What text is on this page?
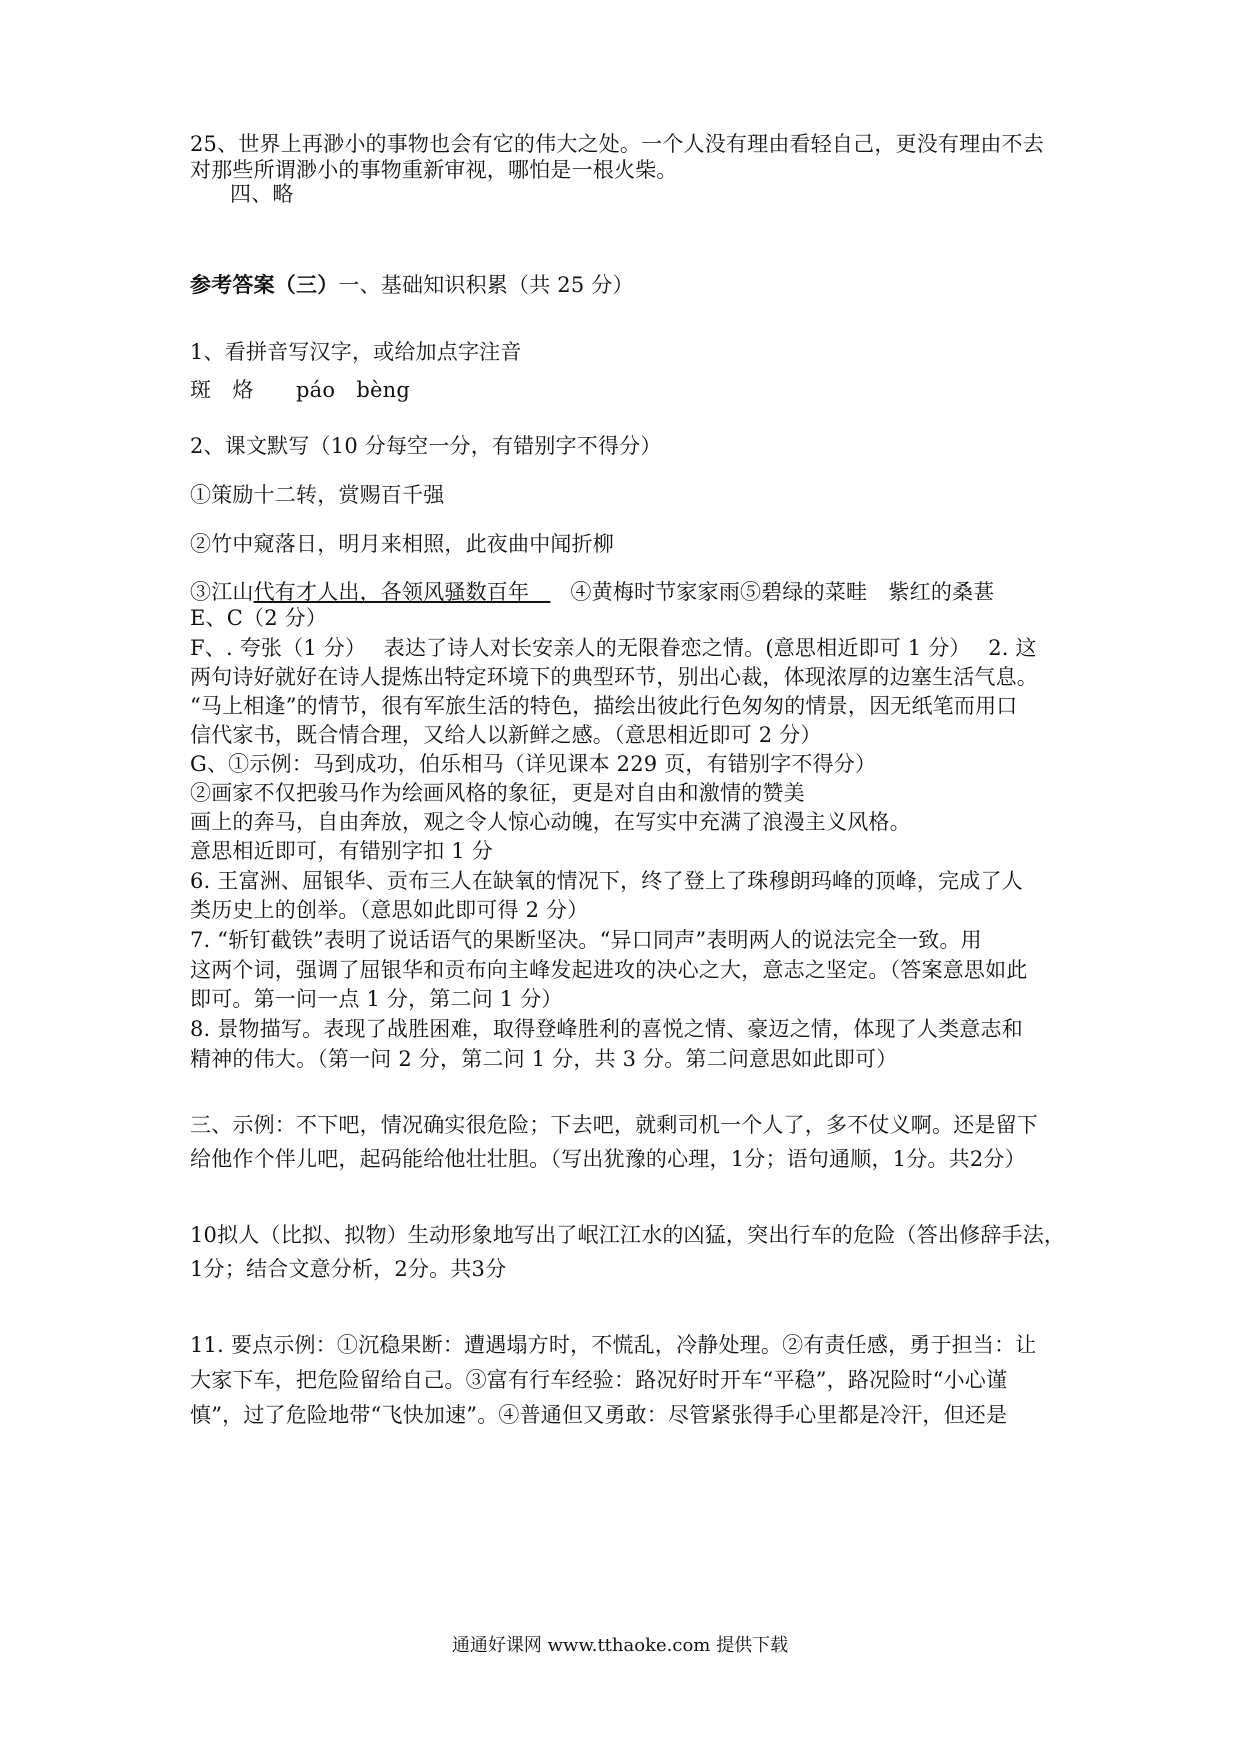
25、世界上再渺小的事物也会有它的伟大之处。一个人没有理由看轻自己，更没有理由不去
对那些所谓渺小的事物重新审视，哪怕是一根火柴。
四、略
参考答案（三）一、基础知识积累（共 25 分）
1、看拼音写汉字，或给加点字注音
斑　烙　　páo　bèng
2、课文默写（10 分每空一分，有错别字不得分）
①策励十二转，赏赐百千强
②竹中窥落日，明月来相照，此夜曲中闻折柳
③江山代有才人出，各领风骚数百年　④黄梅时节家家雨⑤碧绿的菜畦　紫红的桑葚
E、C（2 分）
F、. 夸张（1 分）　 表达了诗人对长安亲人的无限眷恋之情。(意思相近即可 1 分）　 2. 这
两句诗好就好在诗人提炼出特定环境下的典型环节，别出心裁，体现浓厚的边塞生活气息。
“马上相逢”的情节，很有军旅生活的特色，描绘出彼此行色匆匆的情景，因无纸笔而用口
信代家书，既合情合理，又给人以新鲜之感。（意思相近即可 2 分）
G、①示例：马到成功，伯乐相马（详见课本 229 页，有错别字不得分）
②画家不仅把骏马作为绘画风格的象征，更是对自由和激情的赞美
画上的奔马，自由奔放，观之令人惊心动魄，在写实中充满了浪漫主义风格。
意思相近即可，有错别字扣 1 分
6. 王富洲、屈银华、贡布三人在缺氧的情况下，终了登上了珠穆朗玛峰的顶峰，完成了人
类历史上的创举。（意思如此即可得 2 分）
7. “斩钉截铁”表明了说话语气的果断坚决。“异口同声”表明两人的说法完全一致。用
这两个词，强调了屈银华和贡布向主峰发起进攻的决心之大，意志之坚定。（答案意思如此
即可。第一问一点 1 分，第二问 1 分）
8. 景物描写。表现了战胜困难，取得登峰胜利的喜悦之情、豪迈之情，体现了人类意志和
精神的伟大。（第一问 2 分，第二问 1 分，共 3 分。第二问意思如此即可）
三、示例：不下吧，情况确实很危险；下去吧，就剩司机一个人了，多不仗义啊。还是留下
给他作个伴儿吧，起码能给他壮壮胆。（写出犹豫的心理，1分；语句通顺，1分。共2分）
10拟人（比拟、拟物）生动形象地写出了岷江江水的凶猛，突出行车的危险（答出修辞手法，
1分；结合文意分析，2分。共3分
11. 要点示例：①沉稳果断：遭遇塌方时，不慌乱，冷静处理。②有责任感，勇于担当：让
大家下车，把危险留给自己。③富有行车经验：路况好时开车“平稳”，路况险时“小心谨
慎”，过了危险地带“飞快加速”。④普通但又勇敢：尽管紧张得手心里都是冷汗，但还是
通通好课网 www.tthaoke.com 提供下载
